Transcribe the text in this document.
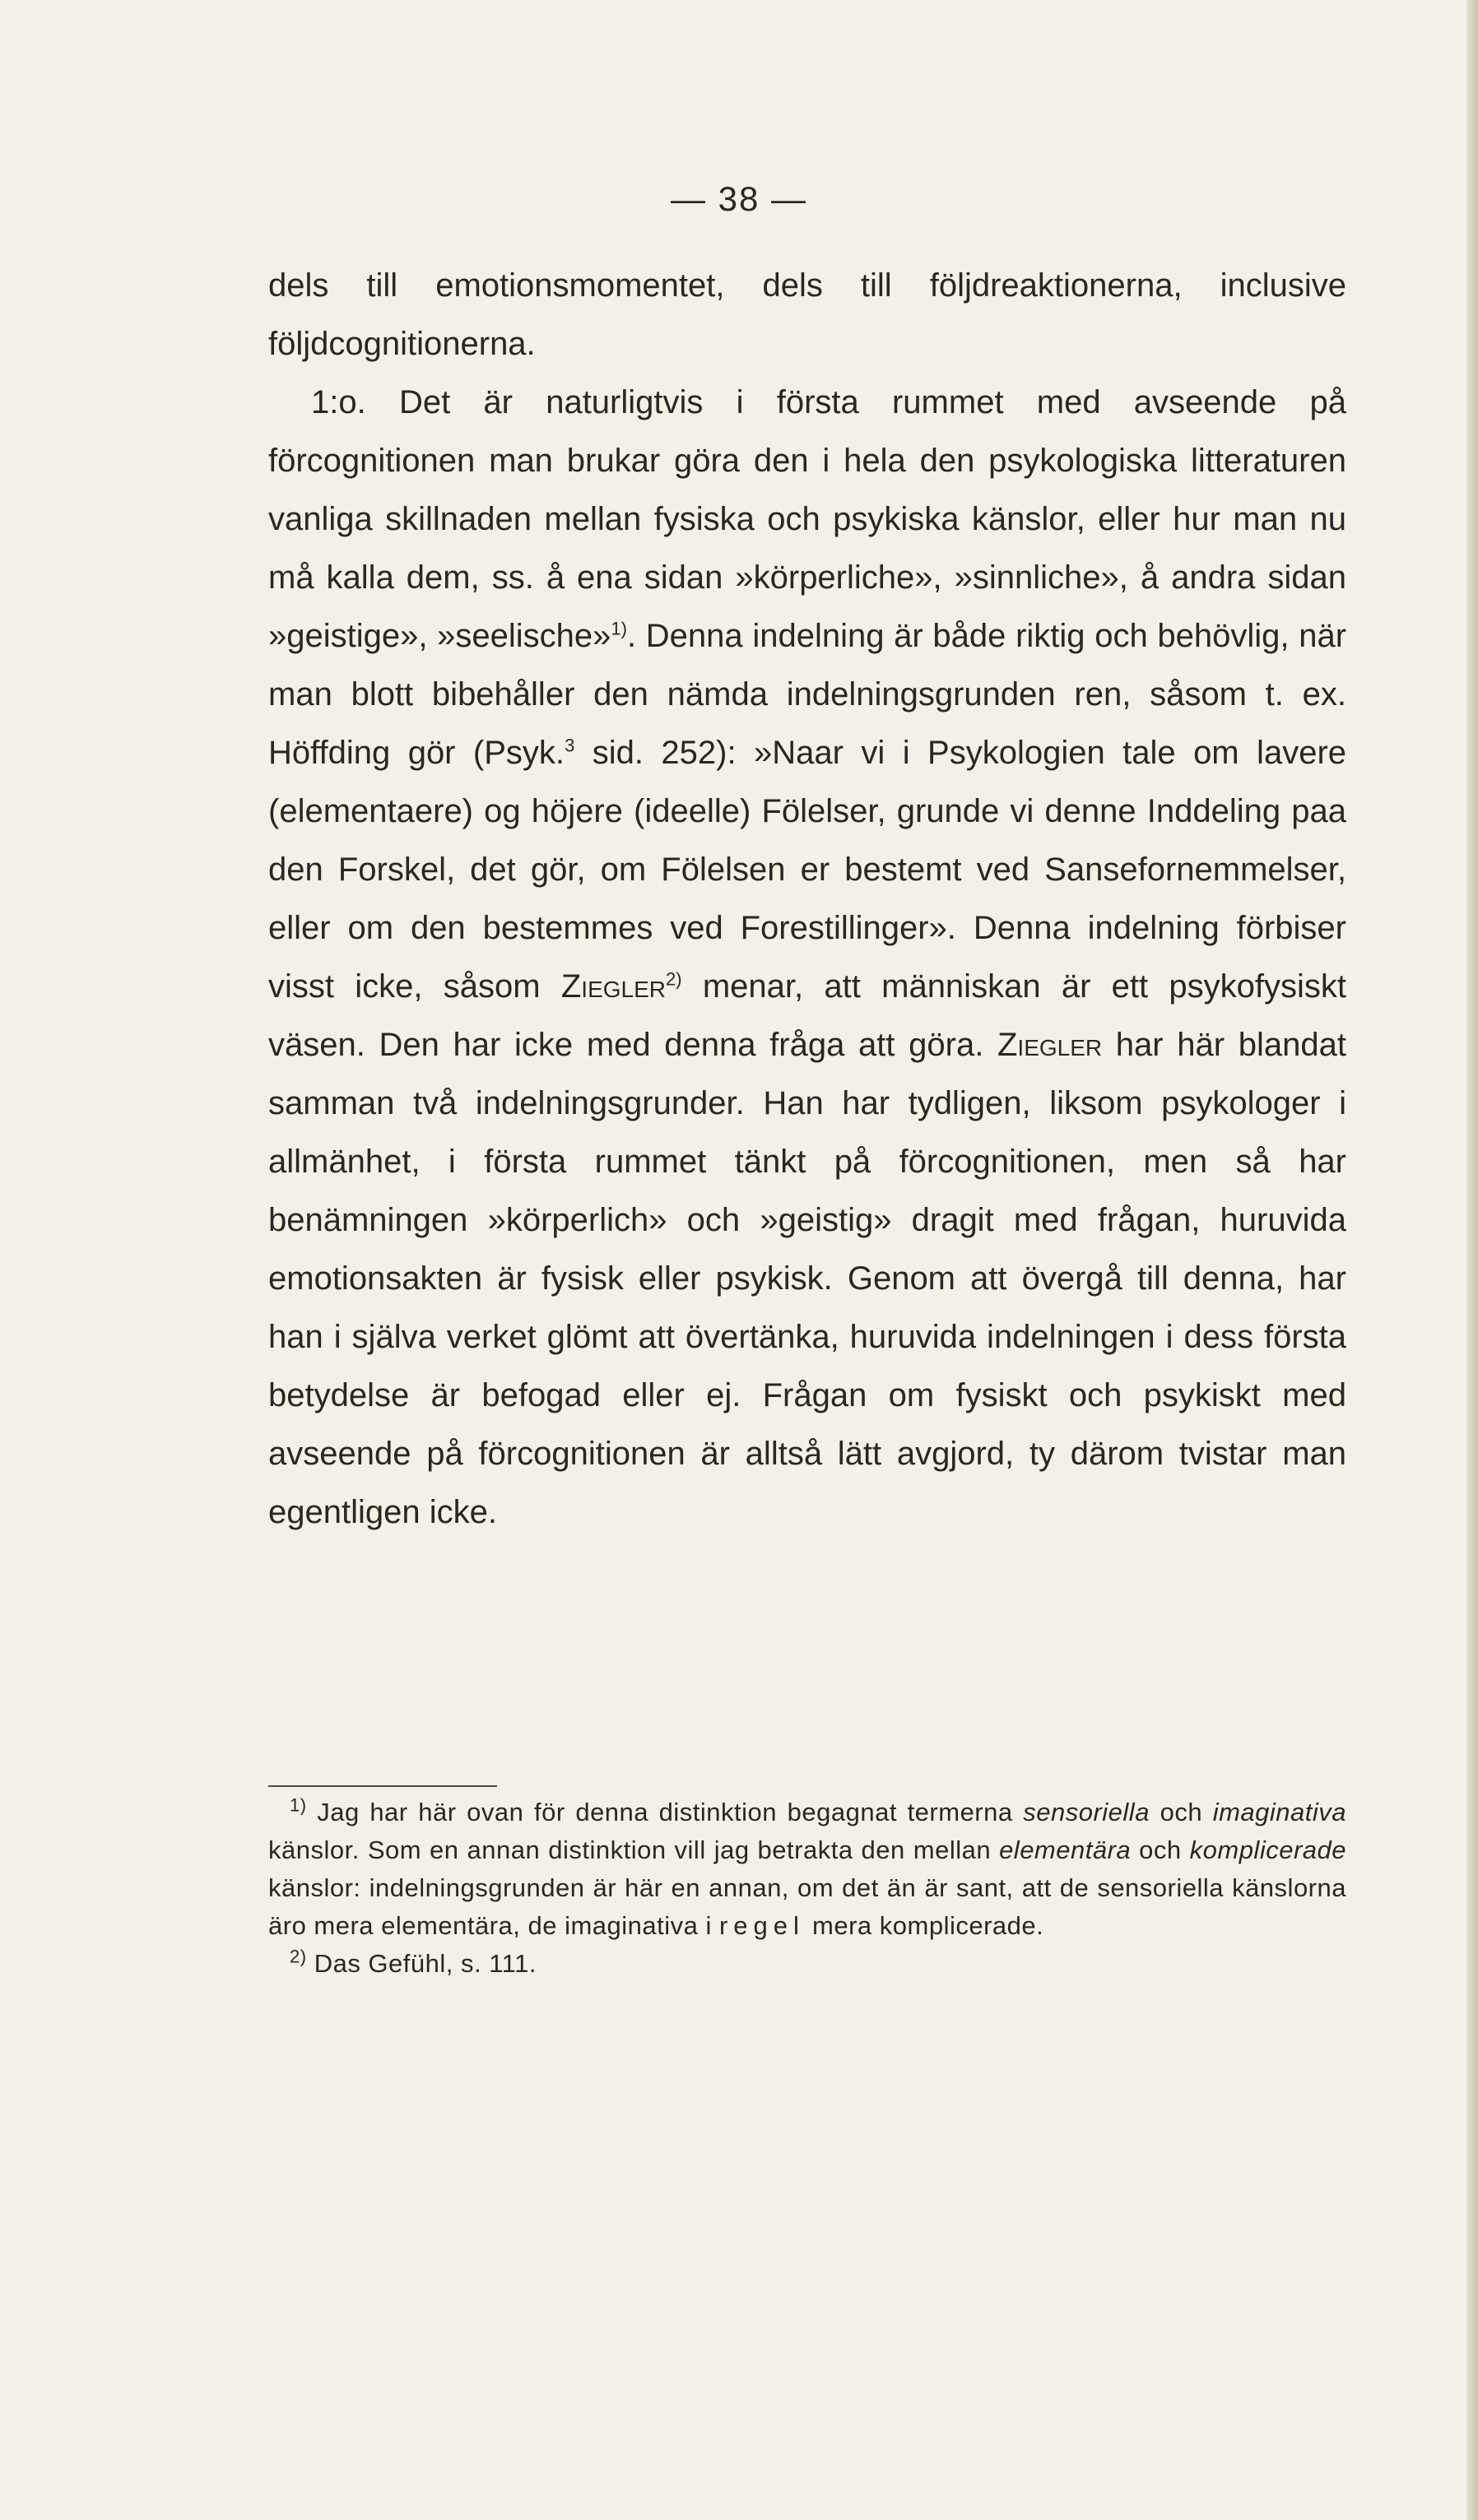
— 38 —

dels till emotionsmomentet, dels till följdreaktionerna, inclusive följdcognitionerna.

1:o. Det är naturligtvis i första rummet med avseende på förcognitionen man brukar göra den i hela den psykologiska litteraturen vanliga skillnaden mellan fysiska och psykiska känslor, eller hur man nu må kalla dem, ss. å ena sidan »körperliche», »sinnliche», å andra sidan »geistige», »seelische»$^{1)}$. Denna indelning är både riktig och behövlig, när man blott bibehåller den nämda indelningsgrunden ren, såsom t. ex. Höffding gör (Psyk.$^3$ sid. 252): »Naar vi i Psykologien tale om lavere (elementaere) og höjere (ideelle) Fölelser, grunde vi denne Inddeling paa den Forskel, det gör, om Fölelsen er bestemt ved Sansefornemmelser, eller om den bestemmes ved Forestillinger». Denna indelning förbiser visst icke, såsom Ziegler$^{2)}$ menar, att människan är ett psykofysiskt väsen. Den har icke med denna fråga att göra. Ziegler har här blandat samman två indelningsgrunder. Han har tydligen, liksom psykologer i allmänhet, i första rummet tänkt på förcognitionen, men så har benämningen »körperlich» och »geistig» dragit med frågan, huruvida emotionsakten är fysisk eller psykisk. Genom att övergå till denna, har han i själva verket glömt att övertänka, huruvida indelningen i dess första betydelse är befogad eller ej. Frågan om fysiskt och psykiskt med avseende på förcognitionen är alltså lätt avgjord, ty därom tvistar man egentligen icke.

$^{1)}$ Jag har här ovan för denna distinktion begagnat termerna sensoriella och imaginativa känslor. Som en annan distinktion vill jag betrakta den mellan elementära och komplicerade känslor: indelningsgrunden är här en annan, om det än är sant, att de sensoriella känslorna äro mera elementära, de imaginativa i regel mera komplicerade.

$^{2)}$ Das Gefühl, s. 111.
